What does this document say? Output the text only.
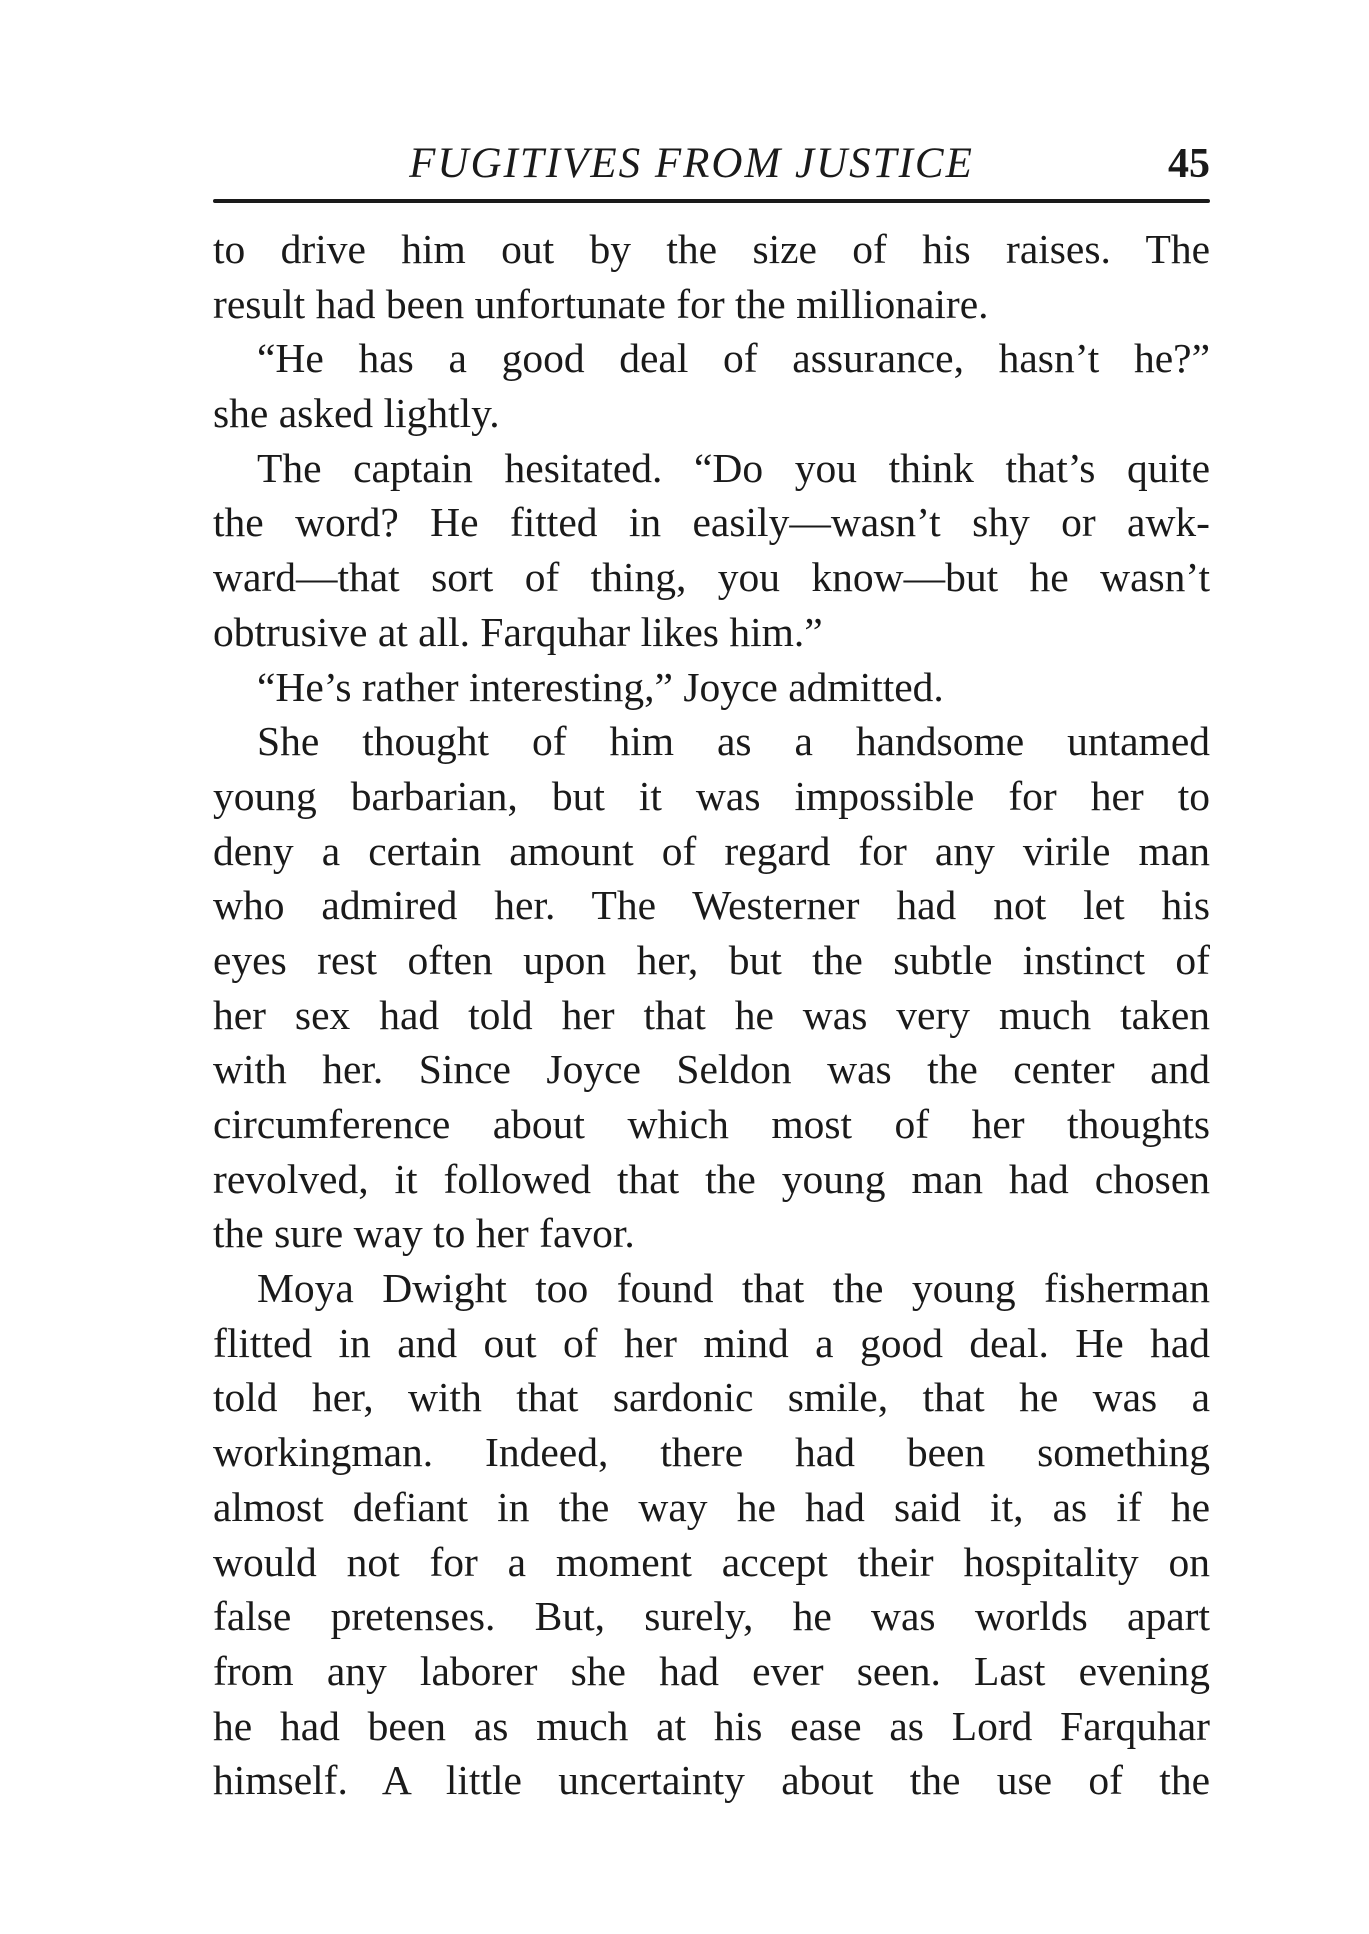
FUGITIVES FROM JUSTICE	45
to drive him out by the size of his raises. The
result had been unfortunate for the millionaire.
“He has a good deal of assurance, hasn’t he?”
she asked lightly.
The captain hesitated. “Do you think that’s quite
the word? He fitted in easily—wasn’t shy or awk-
ward—that sort of thing, you know—but he wasn’t
obtrusive at all. Farquhar likes him.”
“He’s rather interesting,” Joyce admitted.
She thought of him as a handsome untamed
young barbarian, but it was impossible for her to
deny a certain amount of regard for any virile man
who admired her. The Westerner had not let his
eyes rest often upon her, but the subtle instinct of
her sex had told her that he was very much taken
with her. Since Joyce Seldon was the center and
circumference about which most of her thoughts
revolved, it followed that the young man had chosen
the sure way to her favor.
Moya Dwight too found that the young fisherman
flitted in and out of her mind a good deal. He had
told her, with that sardonic smile, that he was a
workingman. Indeed, there had been something
almost defiant in the way he had said it, as if he
would not for a moment accept their hospitality on
false pretenses. But, surely, he was worlds apart
from any laborer she had ever seen. Last evening
he had been as much at his ease as Lord Farquhar
himself. A little uncertainty about the use of the
